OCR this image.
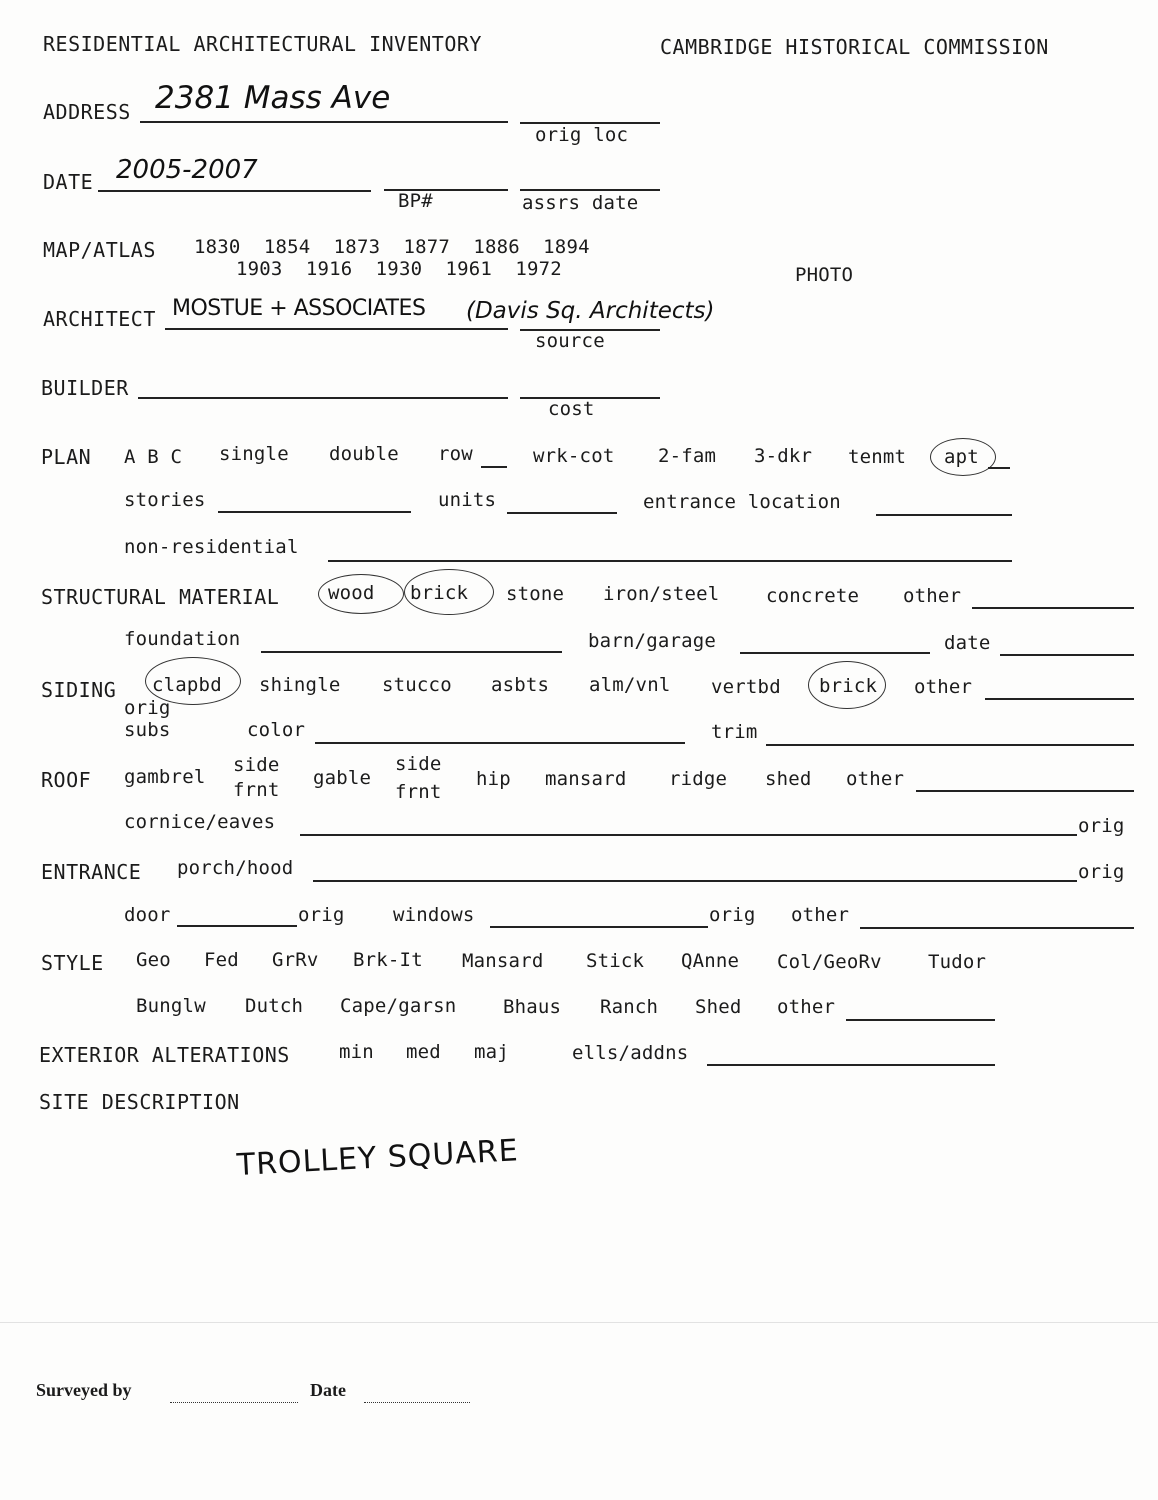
RESIDENTIAL ARCHITECTURAL INVENTORY	CAMBRIDGE HISTORICAL COMMISSION
ADDRESS 2381 Mass Ave
orig loc
DATE 2005-2007
BP#	assrs date
MAP/ATLAS 1830  1854  1873  1877  1886  1894
1903  1916  1930  1961  1972	PHOTO
ARCHITECT MOSTUE + ASSOCIATES (Davis Sq. Architects)
source
BUILDER
cost
PLAN A B C single double row	wrk-cot 2-fam 3-dkr tenmt apt
stories	units	entrance location
non-residential
STRUCTURAL MATERIAL	wood brick stone iron/steel concrete other
foundation	barn/garage	date
SIDING clapbd shingle stucco asbts alm/vnl vertbd brick other
orig
subs	color	trim
ROOF gambrel
side
frnt
gable
side
frnt
hip mansard ridge shed other
cornice/eaves	orig
ENTRANCE porch/hood	orig
door	orig	windows	orig other
STYLE Geo Fed GrRv Brk-It Mansard Stick QAnne Col/GeoRv Tudor
Bunglw Dutch Cape/garsn Bhaus Ranch Shed other
EXTERIOR ALTERATIONS	min med maj	ells/addns
SITE DESCRIPTION
TROLLEY SQUARE
Surveyed by	Date
